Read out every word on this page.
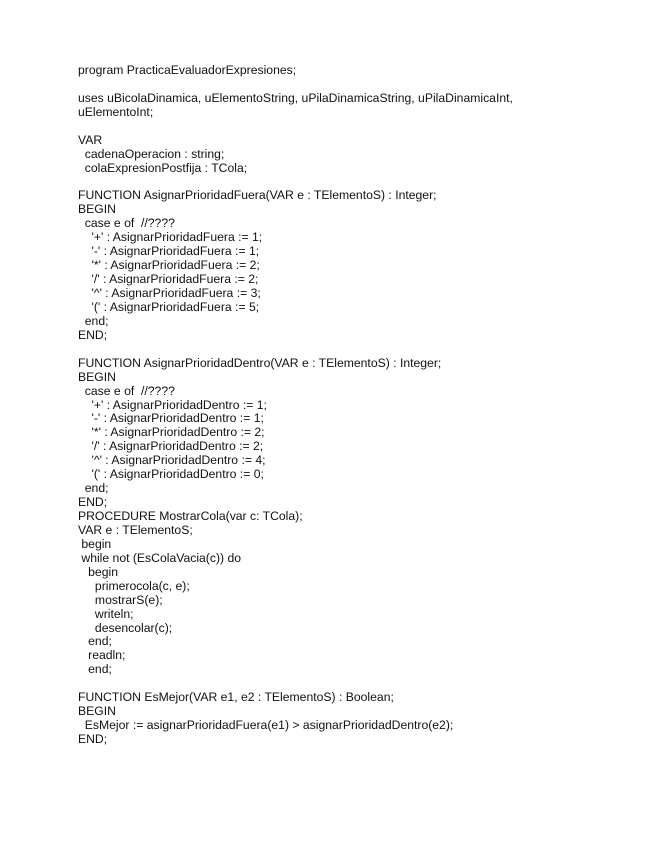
program PracticaEvaluadorExpresiones;
uses uBicolaDinamica, uElementoString, uPilaDinamicaString, uPilaDinamicaInt,
uElementoInt;
VAR
cadenaOperacion : string;
colaExpresionPostfija : TCola;
FUNCTION AsignarPrioridadFuera(VAR e : TElementoS) : Integer;
BEGIN
case e of  //????
'+' : AsignarPrioridadFuera := 1;
'-' : AsignarPrioridadFuera := 1;
'*' : AsignarPrioridadFuera := 2;
'/' : AsignarPrioridadFuera := 2;
'^' : AsignarPrioridadFuera := 3;
'(' : AsignarPrioridadFuera := 5;
end;
END;
FUNCTION AsignarPrioridadDentro(VAR e : TElementoS) : Integer;
BEGIN
case e of  //????
'+' : AsignarPrioridadDentro := 1;
'-' : AsignarPrioridadDentro := 1;
'*' : AsignarPrioridadDentro := 2;
'/' : AsignarPrioridadDentro := 2;
'^' : AsignarPrioridadDentro := 4;
'(' : AsignarPrioridadDentro := 0;
end;
END;
PROCEDURE MostrarCola(var c: TCola);
VAR e : TElementoS;
begin
while not (EsColaVacia(c)) do
begin
primerocola(c, e);
mostrarS(e);
writeln;
desencolar(c);
end;
readln;
end;
FUNCTION EsMejor(VAR e1, e2 : TElementoS) : Boolean;
BEGIN
EsMejor := asignarPrioridadFuera(e1) > asignarPrioridadDentro(e2);
END;
